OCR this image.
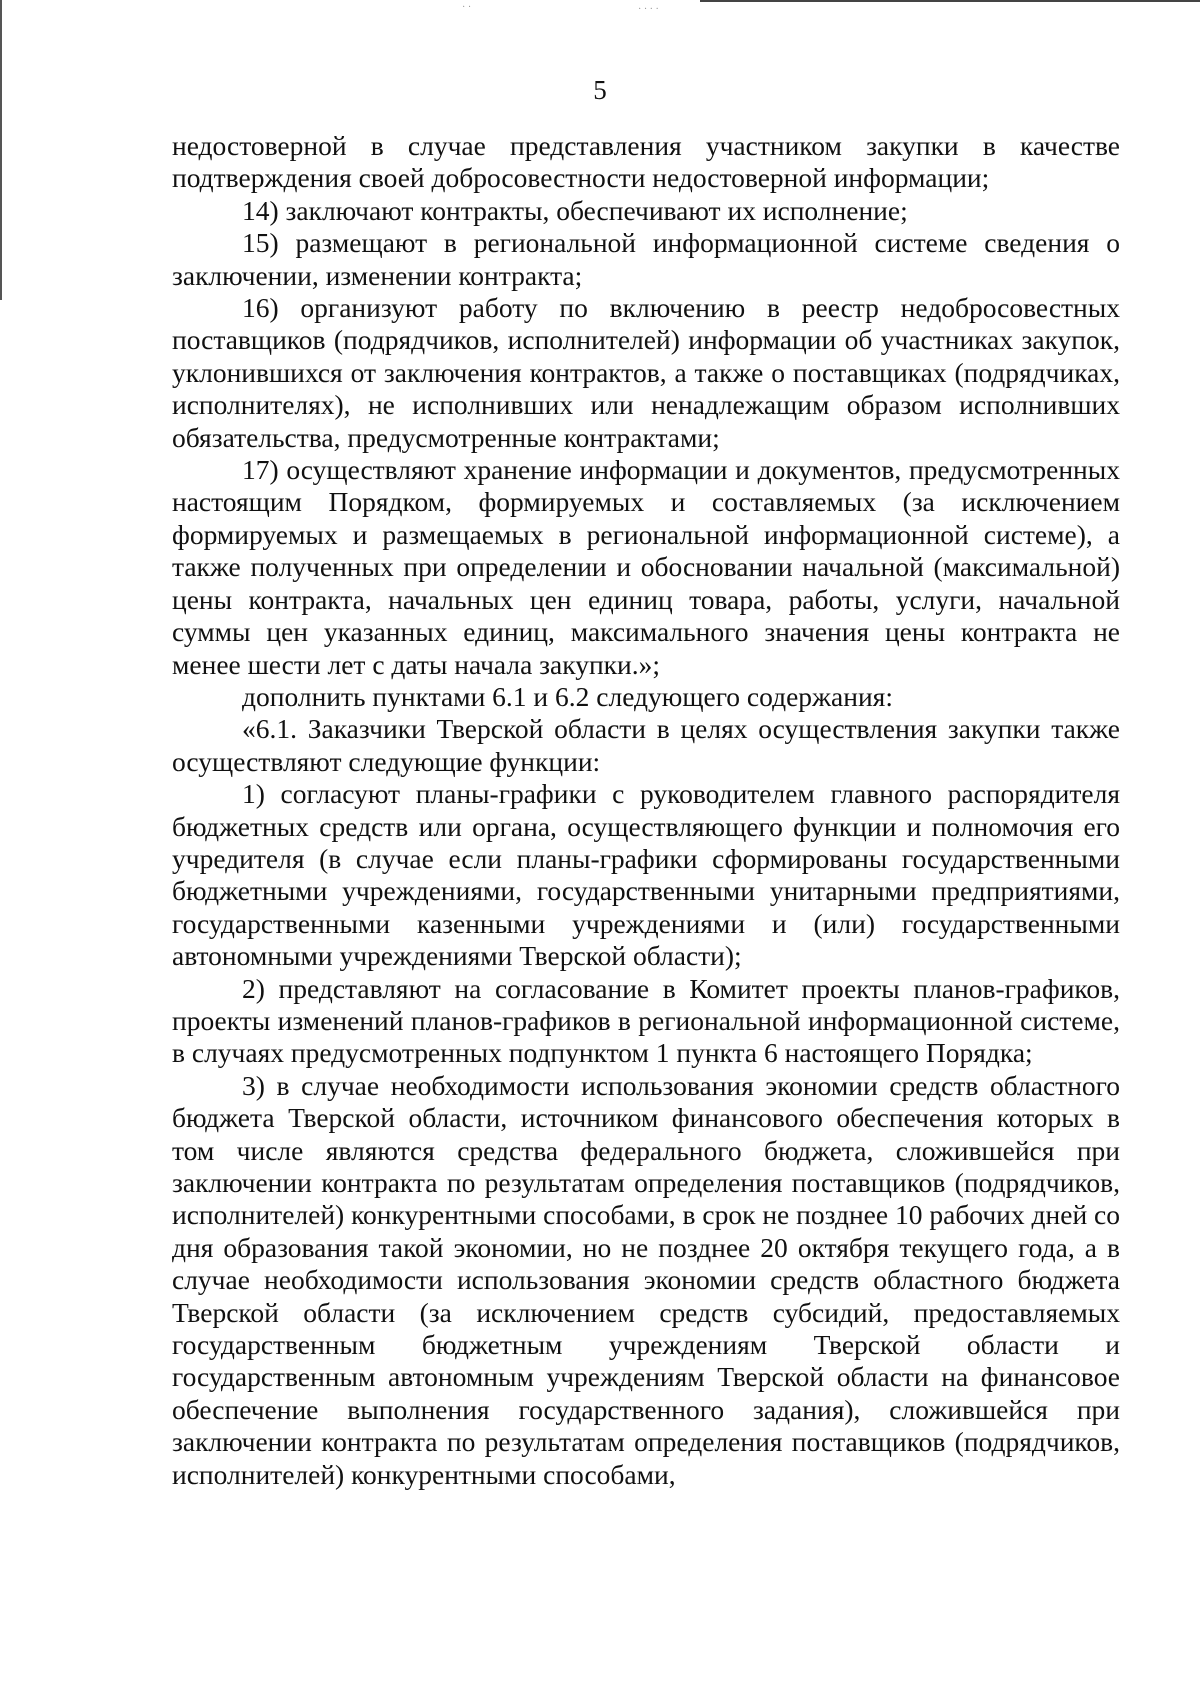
· ·	· · · ·
5

недостоверной в случае представления участником закупки в качестве подтверждения своей добросовестности недостоверной информации;

14) заключают контракты, обеспечивают их исполнение;

15) размещают в региональной информационной системе сведения о заключении, изменении контракта;

16) организуют работу по включению в реестр недобросовестных поставщиков (подрядчиков, исполнителей) информации об участниках закупок, уклонившихся от заключения контрактов, а также о поставщиках (подрядчиках, исполнителях), не исполнивших или ненадлежащим образом исполнивших обязательства, предусмотренные контрактами;

17) осуществляют хранение информации и документов, предусмотренных настоящим Порядком, формируемых и составляемых (за исключением формируемых и размещаемых в региональной информационной системе), а также полученных при определении и обосновании начальной (максимальной) цены контракта, начальных цен единиц товара, работы, услуги, начальной суммы цен указанных единиц, максимального значения цены контракта не менее шести лет с даты начала закупки.»;

дополнить пунктами 6.1 и 6.2 следующего содержания:

«6.1. Заказчики Тверской области в целях осуществления закупки также осуществляют следующие функции:

1) согласуют планы-графики с руководителем главного распорядителя бюджетных средств или органа, осуществляющего функции и полномочия его учредителя (в случае если планы-графики сформированы государственными бюджетными учреждениями, государственными унитарными предприятиями, государственными казенными учреждениями и (или) государственными автономными учреждениями Тверской области);

2) представляют на согласование в Комитет проекты планов-графиков, проекты изменений планов-графиков в региональной информационной системе, в случаях предусмотренных подпунктом 1 пункта 6 настоящего Порядка;

3) в случае необходимости использования экономии средств областного бюджета Тверской области, источником финансового обеспечения которых в том числе являются средства федерального бюджета, сложившейся при заключении контракта по результатам определения поставщиков (подрядчиков, исполнителей) конкурентными способами, в срок не позднее 10 рабочих дней со дня образования такой экономии, но не позднее 20 октября текущего года, а в случае необходимости использования экономии средств областного бюджета Тверской области (за исключением средств субсидий, предоставляемых государственным бюджетным учреждениям Тверской области и государственным автономным учреждениям Тверской области на финансовое обеспечение выполнения государственного задания), сложившейся при заключении контракта по результатам определения поставщиков (подрядчиков, исполнителей) конкурентными способами,
